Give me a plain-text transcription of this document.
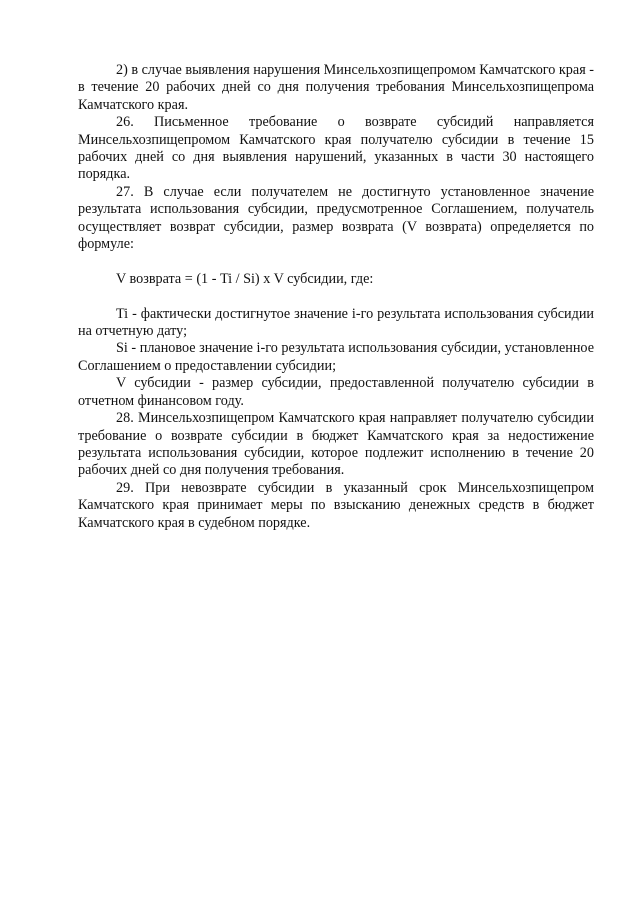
2) в случае выявления нарушения Минсельхозпищепромом Камчатского края - в течение 20 рабочих дней со дня получения требования Минсельхозпищепрома Камчатского края.

26. Письменное требование о возврате субсидий направляется Минсельхозпищепромом Камчатского края получателю субсидии в течение 15 рабочих дней со дня выявления нарушений, указанных в части 30 настоящего порядка.

27. В случае если получателем не достигнуто установленное значение результата использования субсидии, предусмотренное Соглашением, получатель осуществляет возврат субсидии, размер возврата (V возврата) определяется по формуле:

V возврата = (1 - Ti / Si) x V субсидии, где:

Ti - фактически достигнутое значение i-го результата использования субсидии на отчетную дату;

Si - плановое значение i-го результата использования субсидии, установленное Соглашением о предоставлении субсидии;

V субсидии - размер субсидии, предоставленной получателю субсидии в отчетном финансовом году.

28. Минсельхозпищепром Камчатского края направляет получателю субсидии требование о возврате субсидии в бюджет Камчатского края за недостижение результата использования субсидии, которое подлежит исполнению в течение 20 рабочих дней со дня получения требования.

29. При невозврате субсидии в указанный срок Минсельхозпищепром Камчатского края принимает меры по взысканию денежных средств в бюджет Камчатского края в судебном порядке.
